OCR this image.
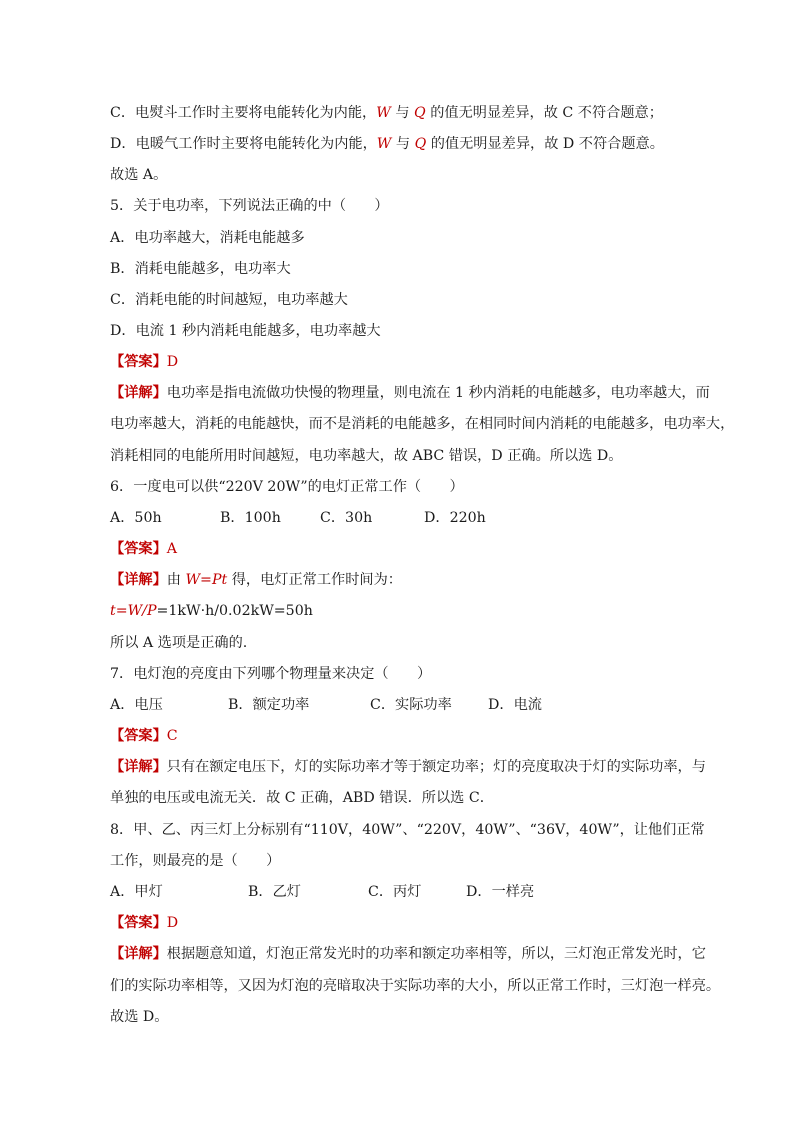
C．电熨斗工作时主要将电能转化为内能，W 与 Q 的值无明显差异，故 C 不符合题意；
D．电暖气工作时主要将电能转化为内能，W 与 Q 的值无明显差异，故 D 不符合题意。
故选 A。
5．关于电功率，下列说法正确的中（　　）
A．电功率越大，消耗电能越多
B．消耗电能越多，电功率大
C．消耗电能的时间越短，电功率越大
D．电流 1 秒内消耗电能越多，电功率越大
【答案】D
【详解】电功率是指电流做功快慢的物理量，则电流在 1 秒内消耗的电能越多，电功率越大，而
电功率越大，消耗的电能越快，而不是消耗的电能越多，在相同时间内消耗的电能越多，电功率大，
消耗相同的电能所用时间越短，电功率越大，故 ABC 错误，D 正确。所以选 D。
6．一度电可以供“220V 20W”的电灯正常工作（　　）
A．50h	B．100h	C．30h	D．220h
【答案】A
【详解】由 W=Pt 得，电灯正常工作时间为：
t=W/P=1kW·h/0.02kW=50h
所以 A 选项是正确的.
7．电灯泡的亮度由下列哪个物理量来决定（　　）
A．电压	B．额定功率	C．实际功率	D．电流
【答案】C
【详解】只有在额定电压下，灯的实际功率才等于额定功率；灯的亮度取决于灯的实际功率，与
单独的电压或电流无关．故 C 正确，ABD 错误．所以选 C．
8．甲、乙、丙三灯上分标别有“110V，40W”、“220V，40W”、“36V，40W”，让他们正常
工作，则最亮的是（　　）
A．甲灯	B．乙灯	C．丙灯	D．一样亮
【答案】D
【详解】根据题意知道，灯泡正常发光时的功率和额定功率相等，所以，三灯泡正常发光时，它
们的实际功率相等，又因为灯泡的亮暗取决于实际功率的大小，所以正常工作时，三灯泡一样亮。
故选 D。
